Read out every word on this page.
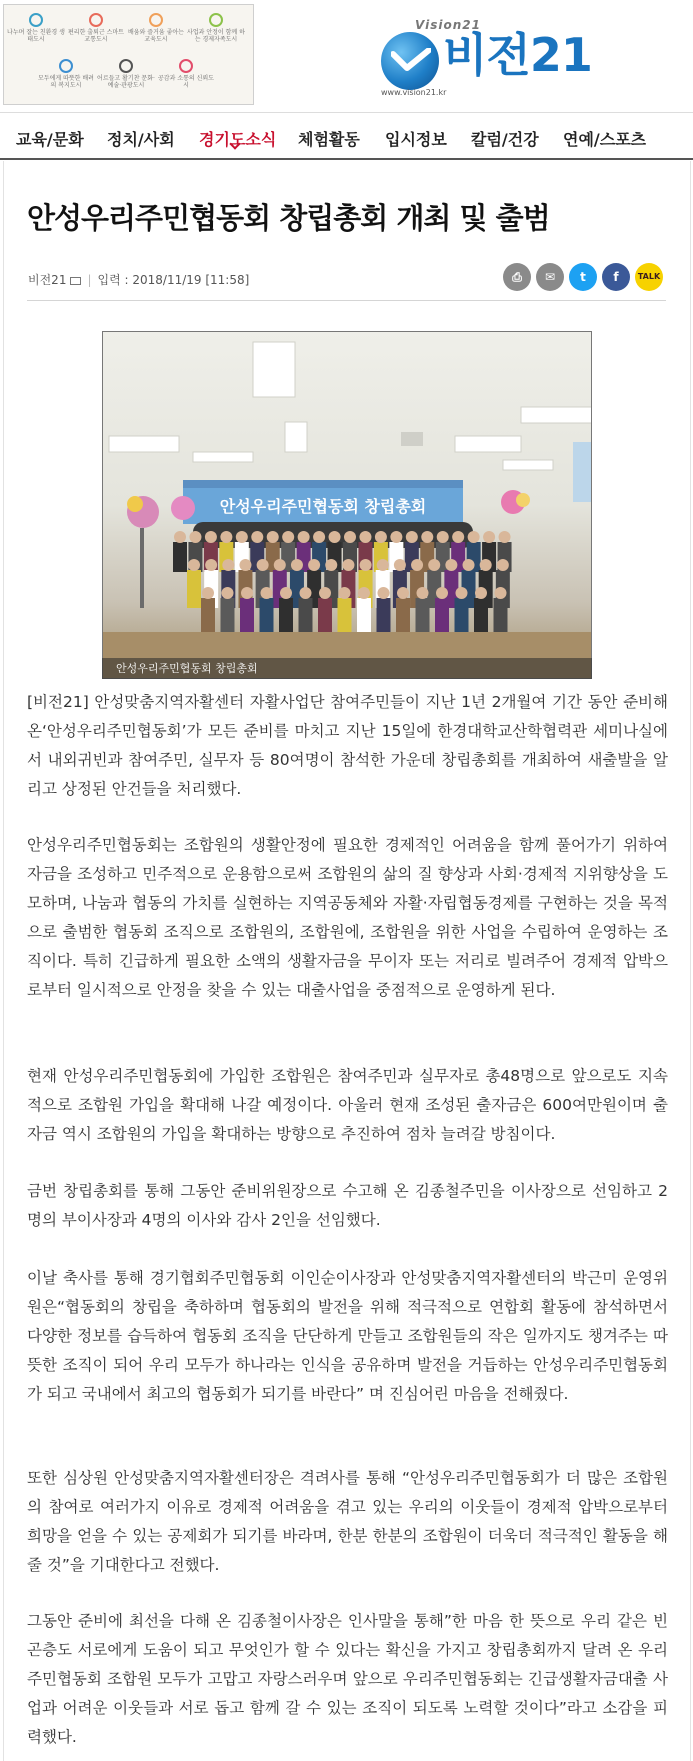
나누며 잘는 친환경 생태도시
편리한 출퇴근 스마트 교통도시
배움와 즐거움 좋아는 교육도시
사업과 안정이 함께 하는 경제자족도시
모두에게 따뜻한 배려의 복지도시
어르들고 활기찬 문화·예술·관광도시
공감과 소통의 신뢰도시
Vision21
비전21
www.vision21.kr
교육/문화 정치/사회 경기도소식 체험활동 입시정보 칼럼/건강 연예/스포츠
안성우리주민협동회 창립총회 개최 및 출범
비전21 | 입력 : 2018/11/19 [11:58]	⎙	✉	t	f	TALK
안성우리주민협동회 창립총회
안성우리주민협동회 창립총회

[비전21] 안성맞춤지역자활센터 자활사업단 참여주민들이 지난 1년 2개월여 기간 동안 준비해 온‘안성우리주민협동회’가 모든 준비를 마치고 지난 15일에 한경대학교산학협력관 세미나실에서 내외귀빈과 참여주민, 실무자 등 80여명이 참석한 가운데 창립총회를 개최하여 새출발을 알리고 상정된 안건들을 처리했다.

안성우리주민협동회는 조합원의 생활안정에 필요한 경제적인 어려움을 함께 풀어가기 위하여 자금을 조성하고 민주적으로 운용함으로써 조합원의 삶의 질 향상과 사회·경제적 지위향상을 도모하며, 나눔과 협동의 가치를 실현하는 지역공동체와 자활·자립협동경제를 구현하는 것을 목적으로 출범한 협동회 조직으로 조합원의, 조합원에, 조합원을 위한 사업을 수립하여 운영하는 조직이다. 특히 긴급하게 필요한 소액의 생활자금을 무이자 또는 저리로 빌려주어 경제적 압박으로부터 일시적으로 안정을 찾을 수 있는 대출사업을 중점적으로 운영하게 된다.

현재 안성우리주민협동회에 가입한 조합원은 참여주민과 실무자로 총48명으로 앞으로도 지속적으로 조합원 가입을 확대해 나갈 예정이다. 아울러 현재 조성된 출자금은 600여만원이며 출자금 역시 조합원의 가입을 확대하는 방향으로 추진하여 점차 늘려갈 방침이다.

금번 창립총회를 통해 그동안 준비위원장으로 수고해 온 김종철주민을 이사장으로 선임하고 2명의 부이사장과 4명의 이사와 감사 2인을 선임했다.

이날 축사를 통해 경기협회주민협동회 이인순이사장과 안성맞춤지역자활센터의 박근미 운영위원은“협동회의 창립을 축하하며 협동회의 발전을 위해 적극적으로 연합회 활동에 참석하면서 다양한 정보를 습득하여 협동회 조직을 단단하게 만들고 조합원들의 작은 일까지도 챙겨주는 따뜻한 조직이 되어 우리 모두가 하나라는 인식을 공유하며 발전을 거듭하는 안성우리주민협동회가 되고 국내에서 최고의 협동회가 되기를 바란다” 며 진심어린 마음을 전해줬다.

또한 심상원 안성맞춤지역자활센터장은 격려사를 통해 “안성우리주민협동회가 더 많은 조합원의 참여로 여러가지 이유로 경제적 어려움을 겪고 있는 우리의 이웃들이 경제적 압박으로부터 희망을 얻을 수 있는 공제회가 되기를 바라며, 한분 한분의 조합원이 더욱더 적극적인 활동을 해줄 것”을 기대한다고 전했다.

그동안 준비에 최선을 다해 온 김종철이사장은 인사말을 통해”한 마음 한 뜻으로 우리 같은 빈곤층도 서로에게 도움이 되고 무엇인가 할 수 있다는 확신을 가지고 창립총회까지 달려 온 우리주민협동회 조합원 모두가 고맙고 자랑스러우며 앞으로 우리주민협동회는 긴급생활자금대출 사업과 어려운 이웃들과 서로 돕고 함께 갈 수 있는 조직이 되도록 노력할 것이다”라고 소감을 피력했다.
